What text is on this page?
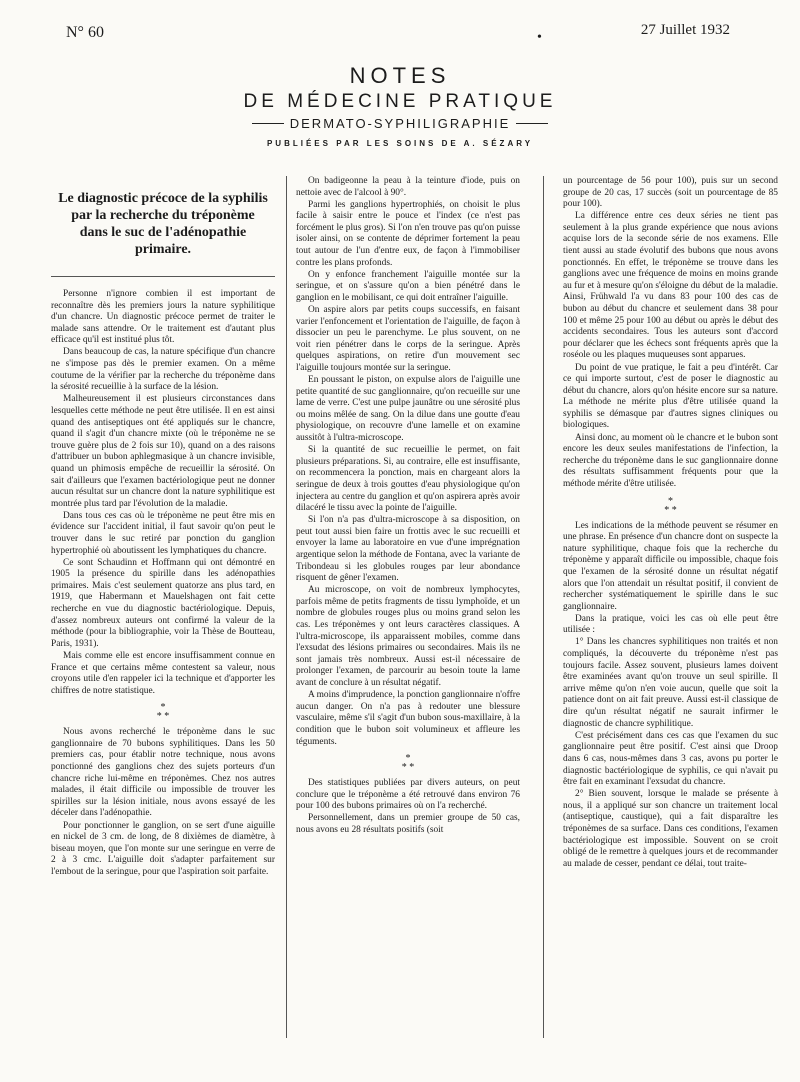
N° 60	•	27 Juillet 1932
NOTES
DE MÉDECINE PRATIQUE
DERMATO-SYPHILIGRAPHIE
PUBLIÉES PAR LES SOINS DE A. SÉZARY
Le diagnostic précoce de la syphilis
par la recherche du tréponème
dans le suc de l'adénopathie primaire.

Personne n'ignore combien il est important de reconnaître dès les premiers jours la nature syphilitique d'un chancre. Un diagnostic précoce permet de traiter le malade sans attendre. Or le traitement est d'autant plus efficace qu'il est institué plus tôt.

Dans beaucoup de cas, la nature spécifique d'un chancre ne s'impose pas dès le premier examen. On a même coutume de la vérifier par la recherche du tréponème dans la sérosité recueillie à la surface de la lésion.

Malheureusement il est plusieurs circonstances dans lesquelles cette méthode ne peut être utilisée. Il en est ainsi quand des antiseptiques ont été appliqués sur le chancre, quand il s'agit d'un chancre mixte (où le tréponème ne se trouve guère plus de 2 fois sur 10), quand on a des raisons d'attribuer un bubon aphlegmasique à un chancre invisible, quand un phimosis empêche de recueillir la sérosité. On sait d'ailleurs que l'examen bactériologique peut ne donner aucun résultat sur un chancre dont la nature syphilitique est montrée plus tard par l'évolution de la maladie.

Dans tous ces cas où le tréponème ne peut être mis en évidence sur l'accident initial, il faut savoir qu'on peut le trouver dans le suc retiré par ponction du ganglion hypertrophié où aboutissent les lymphatiques du chancre.

Ce sont Schaudinn et Hoffmann qui ont démontré en 1905 la présence du spirille dans les adénopathies primaires. Mais c'est seulement quatorze ans plus tard, en 1919, que Habermann et Mauelshagen ont fait cette recherche en vue du diagnostic bactériologique. Depuis, d'assez nombreux auteurs ont confirmé la valeur de la méthode (pour la bibliographie, voir la Thèse de Boutteau, Paris, 1931).

Mais comme elle est encore insuffisamment connue en France et que certains même contestent sa valeur, nous croyons utile d'en rappeler ici la technique et d'apporter les chiffres de notre statistique.

*
* *

Nous avons recherché le tréponème dans le suc ganglionnaire de 70 bubons syphilitiques. Dans les 50 premiers cas, pour établir notre technique, nous avons ponctionné des ganglions chez des sujets porteurs d'un chancre riche lui-même en tréponèmes. Chez nos autres malades, il était difficile ou impossible de trouver les spirilles sur la lésion initiale, nous avons essayé de les déceler dans l'adénopathie.

Pour ponctionner le ganglion, on se sert d'une aiguille en nickel de 3 cm. de long, de 8 dixièmes de diamètre, à biseau moyen, que l'on monte sur une seringue en verre de 2 à 3 cmc. L'aiguille doit s'adapter parfaitement sur l'embout de la seringue, pour que l'aspiration soit parfaite.

On badigeonne la peau à la teinture d'iode, puis on nettoie avec de l'alcool à 90°.

Parmi les ganglions hypertrophiés, on choisit le plus facile à saisir entre le pouce et l'index (ce n'est pas forcément le plus gros). Si l'on n'en trouve pas qu'on puisse isoler ainsi, on se contente de déprimer fortement la peau tout autour de l'un d'entre eux, de façon à l'immobiliser contre les plans profonds.

On y enfonce franchement l'aiguille montée sur la seringue, et on s'assure qu'on a bien pénétré dans le ganglion en le mobilisant, ce qui doit entraîner l'aiguille.

On aspire alors par petits coups successifs, en faisant varier l'enfoncement et l'orientation de l'aiguille, de façon à dissocier un peu le parenchyme. Le plus souvent, on ne voit rien pénétrer dans le corps de la seringue. Après quelques aspirations, on retire d'un mouvement sec l'aiguille toujours montée sur la seringue.

En poussant le piston, on expulse alors de l'aiguille une petite quantité de suc ganglionnaire, qu'on recueille sur une lame de verre. C'est une pulpe jaunâtre ou une sérosité plus ou moins mêlée de sang. On la dilue dans une goutte d'eau physiologique, on recouvre d'une lamelle et on examine aussitôt à l'ultra-microscope.

Si la quantité de suc recueillie le permet, on fait plusieurs préparations. Si, au contraire, elle est insuffisante, on recommencera la ponction, mais en chargeant alors la seringue de deux à trois gouttes d'eau physiologique qu'on injectera au centre du ganglion et qu'on aspirera après avoir dilacéré le tissu avec la pointe de l'aiguille.

Si l'on n'a pas d'ultra-microscope à sa disposition, on peut tout aussi bien faire un frottis avec le suc recueilli et envoyer la lame au laboratoire en vue d'une imprégnation argentique selon la méthode de Fontana, avec la variante de Tribondeau si les globules rouges par leur abondance risquent de gêner l'examen.

Au microscope, on voit de nombreux lymphocytes, parfois même de petits fragments de tissu lymphoïde, et un nombre de globules rouges plus ou moins grand selon les cas. Les tréponèmes y ont leurs caractères classiques. A l'ultra-microscope, ils apparaissent mobiles, comme dans l'exsudat des lésions primaires ou secondaires. Mais ils ne sont jamais très nombreux. Aussi est-il nécessaire de prolonger l'examen, de parcourir au besoin toute la lame avant de conclure à un résultat négatif.

A moins d'imprudence, la ponction ganglionnaire n'offre aucun danger. On n'a pas à redouter une blessure vasculaire, même s'il s'agit d'un bubon sous-maxillaire, à la condition que le bubon soit volumineux et affleure les téguments.

*
* *

Des statistiques publiées par divers auteurs, on peut conclure que le tréponème a été retrouvé dans environ 76 pour 100 des bubons primaires où on l'a recherché.

Personnellement, dans un premier groupe de 50 cas, nous avons eu 28 résultats positifs (soit

un pourcentage de 56 pour 100), puis sur un second groupe de 20 cas, 17 succès (soit un pourcentage de 85 pour 100).

La différence entre ces deux séries ne tient pas seulement à la plus grande expérience que nous avions acquise lors de la seconde série de nos examens. Elle tient aussi au stade évolutif des bubons que nous avons ponctionnés. En effet, le tréponème se trouve dans les ganglions avec une fréquence de moins en moins grande au fur et à mesure qu'on s'éloigne du début de la maladie. Ainsi, Frühwald l'a vu dans 83 pour 100 des cas de bubon au début du chancre et seulement dans 38 pour 100 et même 25 pour 100 au début ou après le début des accidents secondaires. Tous les auteurs sont d'accord pour déclarer que les échecs sont fréquents après que la roséole ou les plaques muqueuses sont apparues.

Du point de vue pratique, le fait a peu d'intérêt. Car ce qui importe surtout, c'est de poser le diagnostic au début du chancre, alors qu'on hésite encore sur sa nature. La méthode ne mérite plus d'être utilisée quand la syphilis se démasque par d'autres signes cliniques ou biologiques.

Ainsi donc, au moment où le chancre et le bubon sont encore les deux seules manifestations de l'infection, la recherche du tréponème dans le suc ganglionnaire donne des résultats suffisamment fréquents pour que la méthode mérite d'être utilisée.

*
* *

Les indications de la méthode peuvent se résumer en une phrase. En présence d'un chancre dont on suspecte la nature syphilitique, chaque fois que la recherche du tréponème y apparaît difficile ou impossible, chaque fois que l'examen de la sérosité donne un résultat négatif alors que l'on attendait un résultat positif, il convient de rechercher systématiquement le spirille dans le suc ganglionnaire.

Dans la pratique, voici les cas où elle peut être utilisée :

1° Dans les chancres syphilitiques non traités et non compliqués, la découverte du tréponème n'est pas toujours facile. Assez souvent, plusieurs lames doivent être examinées avant qu'on trouve un seul spirille. Il arrive même qu'on n'en voie aucun, quelle que soit la patience dont on ait fait preuve. Aussi est-il classique de dire qu'un résultat négatif ne saurait infirmer le diagnostic de chancre syphilitique.

C'est précisément dans ces cas que l'examen du suc ganglionnaire peut être positif. C'est ainsi que Droop dans 6 cas, nous-mêmes dans 3 cas, avons pu porter le diagnostic bactériologique de syphilis, ce qui n'avait pu être fait en examinant l'exsudat du chancre.

2° Bien souvent, lorsque le malade se présente à nous, il a appliqué sur son chancre un traitement local (antiseptique, caustique), qui a fait disparaître les tréponèmes de sa surface. Dans ces conditions, l'examen bactériologique est impossible. Souvent on se croit obligé de le remettre à quelques jours et de recommander au malade de cesser, pendant ce délai, tout traite-
